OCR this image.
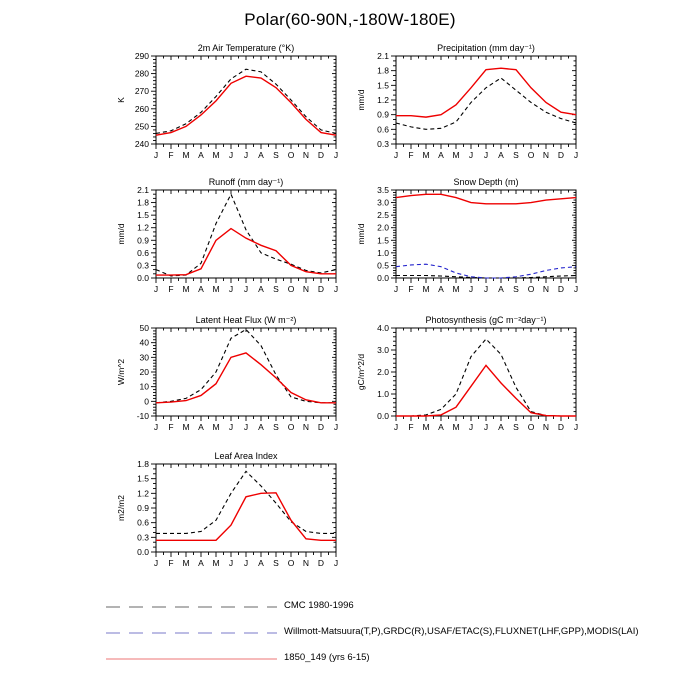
Polar(60-90N,-180W-180E)
2m Air Temperature (°K)
K
240
250
260
270
280
290
J F M A M J J A S O N D J
Precipitation (mm day⁻¹)
mm/d
0.3
0.6
0.9
1.2
1.5
1.8
2.1
J F M A M J J A S O N D J
Runoff (mm day⁻¹)
mm/d
0.0
0.3
0.6
0.9
1.2
1.5
1.8
2.1
J F M A M J J A S O N D J
Snow Depth (m)
mm/d
0.0
0.5
1.0
1.5
2.0
2.5
3.0
3.5
J F M A M J J A S O N D J
Latent Heat Flux (W m⁻²)
W/m^2
-10
0
10
20
30
40
50
J F M A M J J A S O N D J
Photosynthesis (gC m⁻²day⁻¹)
gC/m^2/d
0.0
1.0
2.0
3.0
4.0
J F M A M J J A S O N D J
Leaf Area Index
m2/m2
0.0
0.3
0.6
0.9
1.2
1.5
1.8
J F M A M J J A S O N D J
CMC 1980-1996
Willmott-Matsuura(T,P),GRDC(R),USAF/ETAC(S),FLUXNET(LHF,GPP),MODIS(LAI)
1850_149 (yrs 6-15)
